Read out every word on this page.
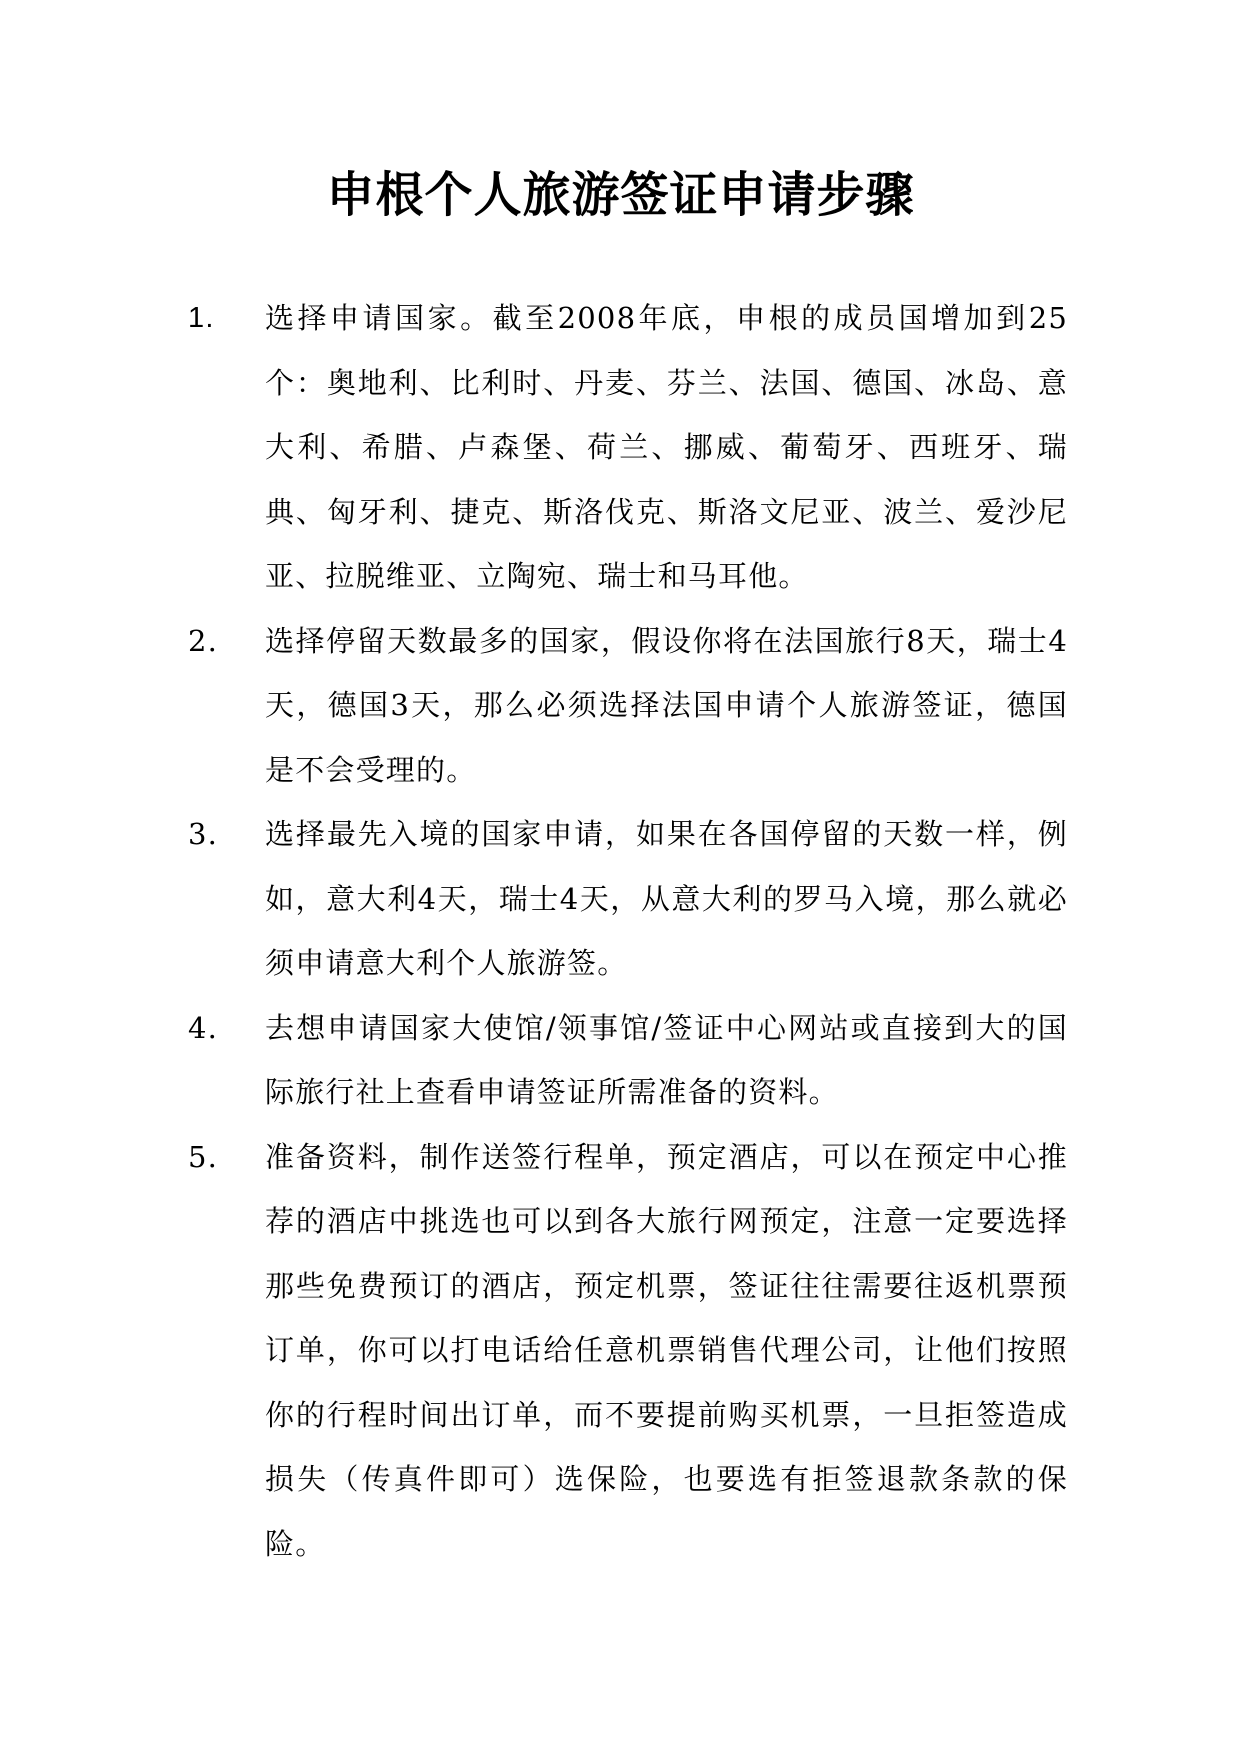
申根个人旅游签证申请步骤
1.	选择申请国家。截至2008年底，申根的成员国增加到25个：奥地利、比利时、丹麦、芬兰、法国、德国、冰岛、意大利、希腊、卢森堡、荷兰、挪威、葡萄牙、西班牙、瑞典、匈牙利、捷克、斯洛伐克、斯洛文尼亚、波兰、爱沙尼亚、拉脱维亚、立陶宛、瑞士和马耳他。
2.	选择停留天数最多的国家，假设你将在法国旅行8天，瑞士4天，德国3天，那么必须选择法国申请个人旅游签证，德国是不会受理的。
3.	选择最先入境的国家申请，如果在各国停留的天数一样，例如，意大利4天，瑞士4天，从意大利的罗马入境，那么就必须申请意大利个人旅游签。
4.	去想申请国家大使馆/领事馆/签证中心网站或直接到大的国际旅行社上查看申请签证所需准备的资料。
5.	准备资料，制作送签行程单，预定酒店，可以在预定中心推荐的酒店中挑选也可以到各大旅行网预定，注意一定要选择那些免费预订的酒店，预定机票，签证往往需要往返机票预订单，你可以打电话给任意机票销售代理公司，让他们按照你的行程时间出订单，而不要提前购买机票，一旦拒签造成损失（传真件即可）选保险，也要选有拒签退款条款的保险。
